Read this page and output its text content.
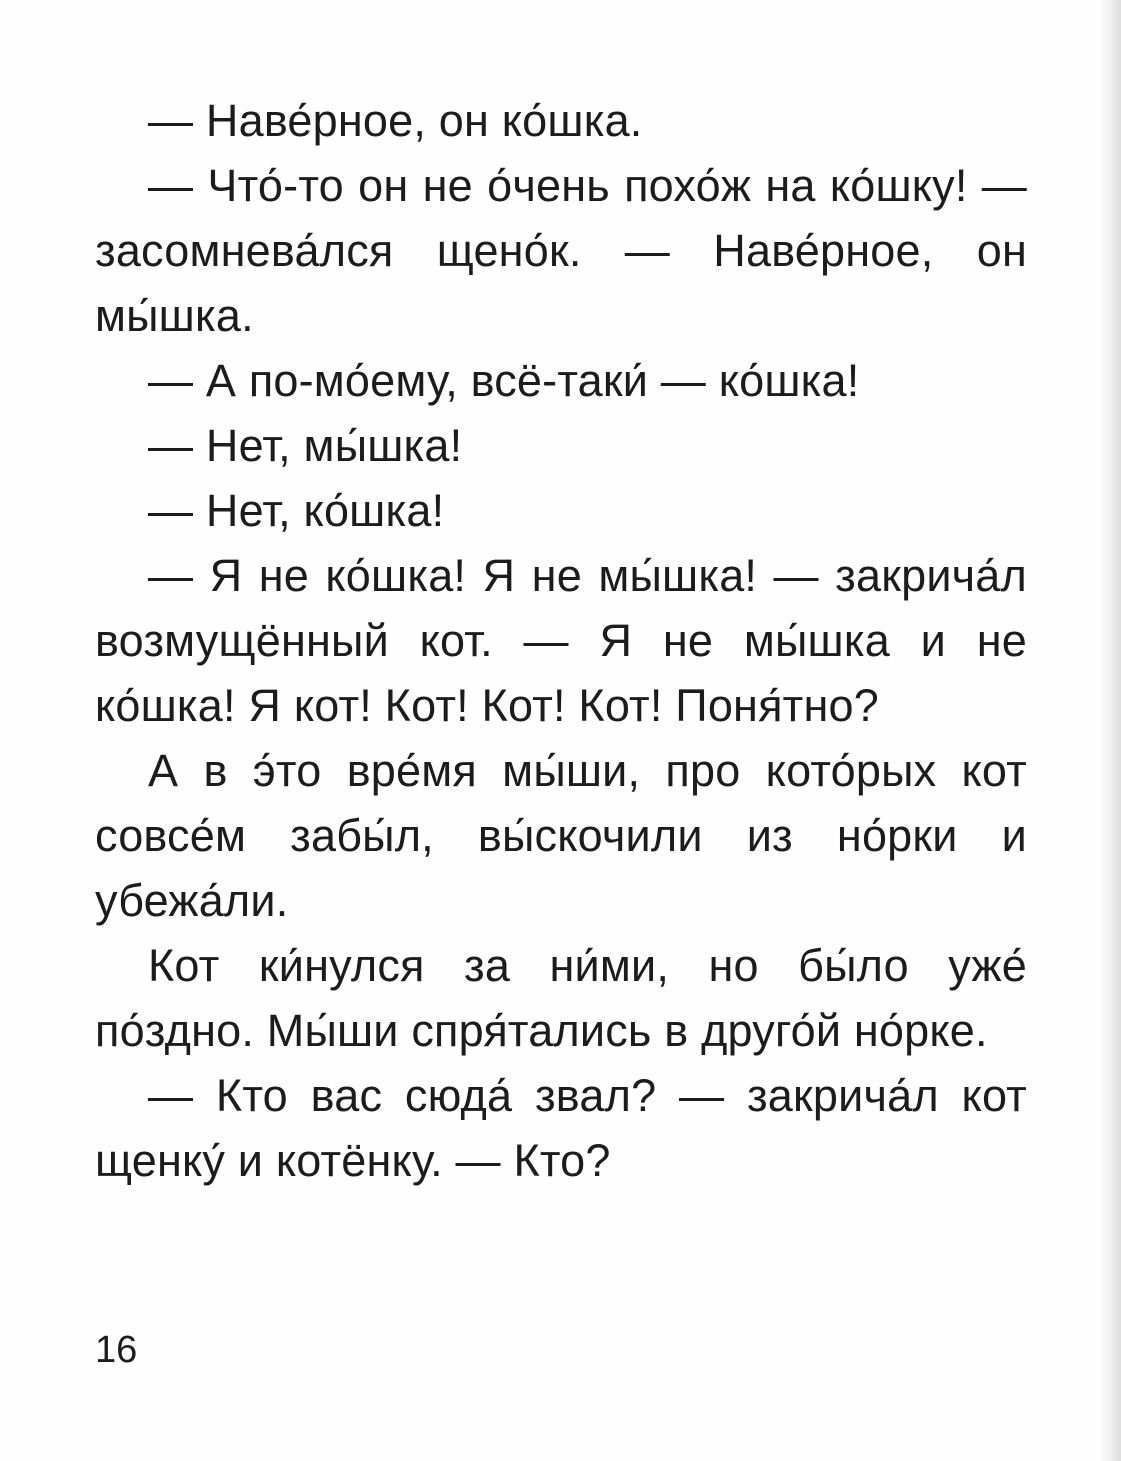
— Наве́рное, он ко́шка.

— Что́-то он не о́чень похо́ж на ко́шку! — засомнева́лся щено́к. — Наве́рное, он мы́шка.

— А по-мо́ему, всё-таки́ — ко́шка!

— Нет, мы́шка!

— Нет, ко́шка!

— Я не ко́шка! Я не мы́шка! — закрича́л возмущённый кот. — Я не мы́шка и не ко́шка! Я кот! Кот! Кот! Кот! Поня́тно?

А в э́то вре́мя мы́ши, про кото́рых кот совсе́м забы́л, вы́скочили из но́рки и убежа́ли.

Кот ки́нулся за ни́ми, но бы́ло уже́ по́здно. Мы́ши спря́тались в друго́й но́рке.

— Кто вас сюда́ звал? — закрича́л кот щенку́ и котёнку. — Кто?

16
